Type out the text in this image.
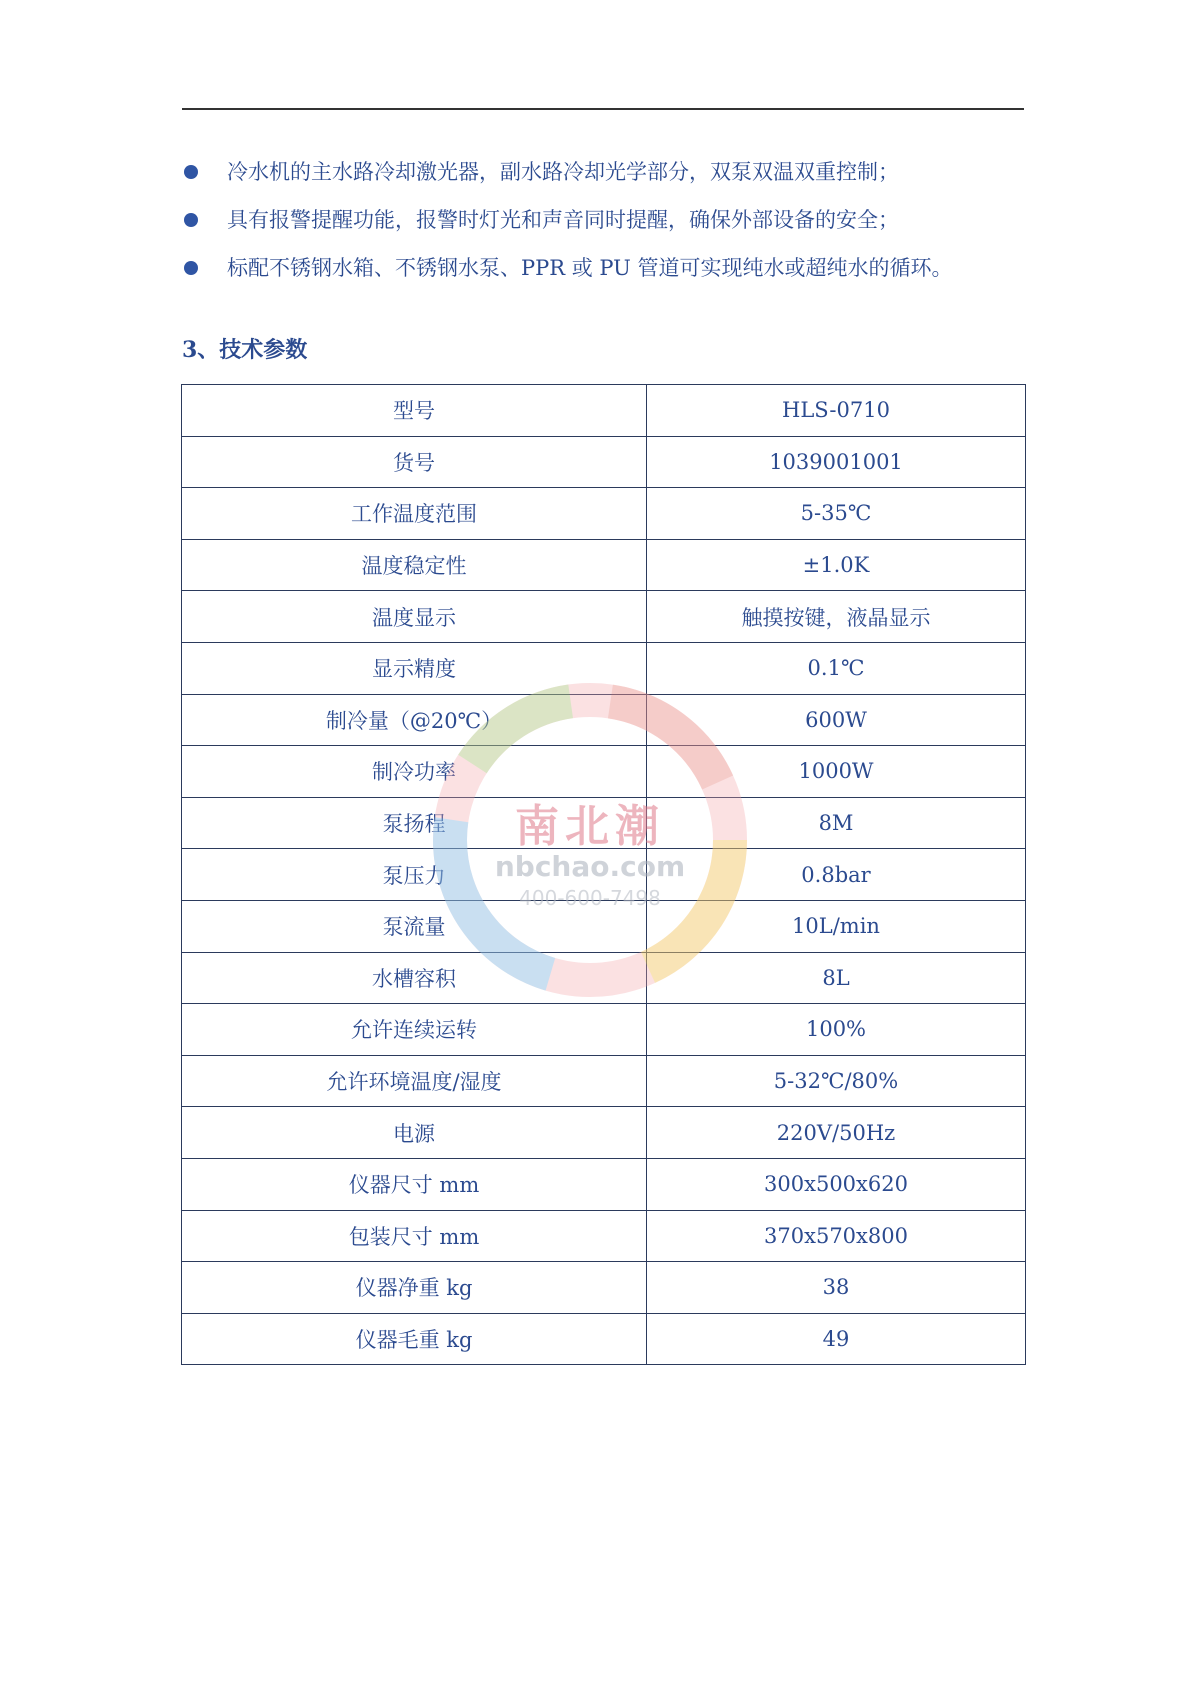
冷水机的主水路冷却激光器，副水路冷却光学部分，双泵双温双重控制；
具有报警提醒功能，报警时灯光和声音同时提醒，确保外部设备的安全；
标配不锈钢水箱、不锈钢水泵、PPR 或 PU 管道可实现纯水或超纯水的循环。
3、技术参数
型号	HLS-0710
货号	1039001001
工作温度范围	5-35℃
温度稳定性	±1.0K
温度显示	触摸按键，液晶显示
显示精度	0.1℃
制冷量（@20℃）	600W
制冷功率	1000W
泵扬程	8M
泵压力	0.8bar
泵流量	10L/min
水槽容积	8L
允许连续运转	100%
允许环境温度/湿度	5-32℃/80%
电源	220V/50Hz
仪器尺寸 mm	300x500x620
包装尺寸 mm	370x570x800
仪器净重 kg	38
仪器毛重 kg	49
南北潮
nbchao.com
400-600-7498
